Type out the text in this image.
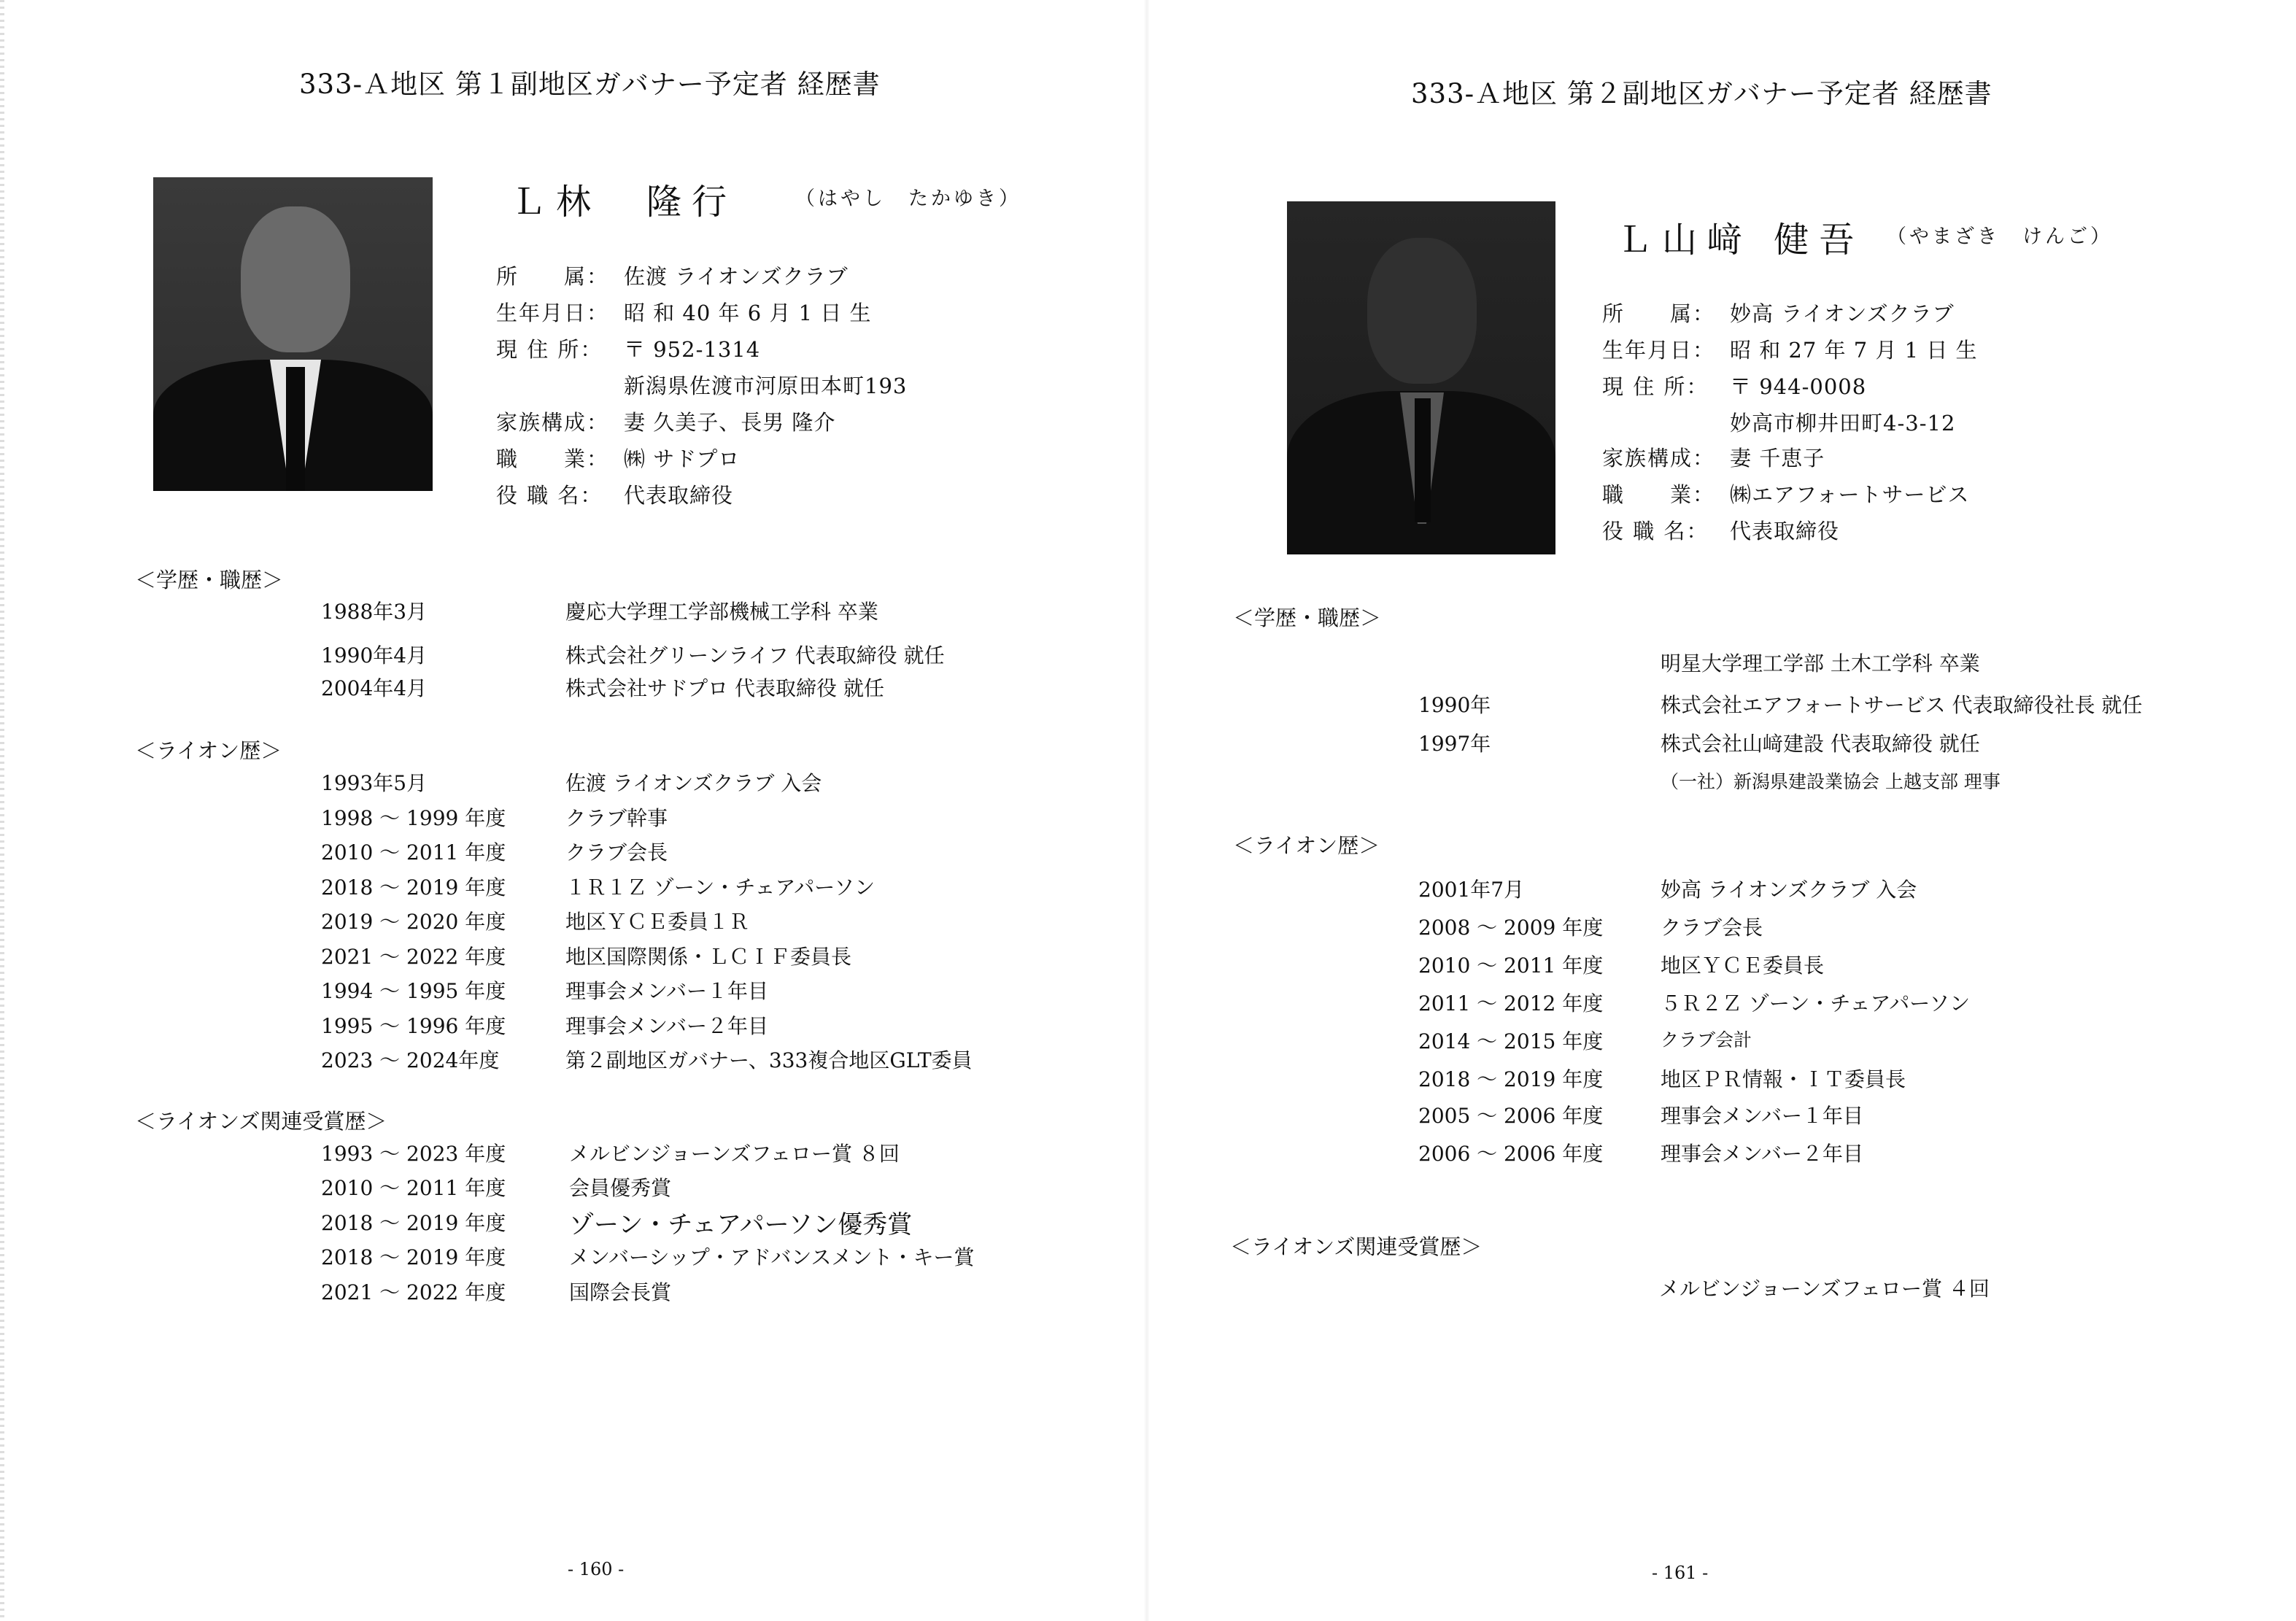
333-Ａ地区 第１副地区ガバナー予定者 経歴書
Ｌ林　隆行	（はやし　たかゆき）
所　　属： 佐渡 ライオンズクラブ
生年月日： 昭 和 40 年 6 月 1 日 生
現 住 所： 〒 952-1314
新潟県佐渡市河原田本町193
家族構成： 妻 久美子、長男 隆介
職　　業： ㈱ サドプロ
役 職 名： 代表取締役
＜学歴・職歴＞
1988年3月	慶応大学理工学部機械工学科 卒業
1990年4月	株式会社グリーンライフ 代表取締役 就任
2004年4月	株式会社サドプロ 代表取締役 就任
＜ライオン歴＞
1993年5月	佐渡 ライオンズクラブ 入会
1998 ～ 1999 年度	クラブ幹事
2010 ～ 2011 年度	クラブ会長
2018 ～ 2019 年度	１Ｒ１Ｚ ゾーン・チェアパーソン
2019 ～ 2020 年度	地区ＹＣＥ委員１Ｒ
2021 ～ 2022 年度	地区国際関係・ＬＣＩＦ委員長
1994 ～ 1995 年度	理事会メンバー１年目
1995 ～ 1996 年度	理事会メンバー２年目
2023 ～ 2024年度	第２副地区ガバナー、333複合地区GLT委員
＜ライオンズ関連受賞歴＞
1993 ～ 2023 年度	メルビンジョーンズフェロー賞 ８回
2010 ～ 2011 年度	会員優秀賞
2018 ～ 2019 年度	ゾーン・チェアパーソン優秀賞
2018 ～ 2019 年度	メンバーシップ・アドバンスメント・キー賞
2021 ～ 2022 年度	国際会長賞
- 160 -
333-Ａ地区 第２副地区ガバナー予定者 経歴書
Ｌ山﨑 健吾 （やまざき　けんご）
所　　属： 妙高 ライオンズクラブ
生年月日： 昭 和 27 年 7 月 1 日 生
現 住 所： 〒 944-0008
妙高市柳井田町4-3-12
家族構成： 妻 千恵子
職　　業： ㈱エアフォートサービス
役 職 名： 代表取締役
＜学歴・職歴＞
明星大学理工学部 土木工学科 卒業
1990年	株式会社エアフォートサービス 代表取締役社長 就任
1997年	株式会社山﨑建設 代表取締役 就任
（一社）新潟県建設業協会 上越支部 理事
＜ライオン歴＞
2001年7月	妙高 ライオンズクラブ 入会
2008 ～ 2009 年度	クラブ会長
2010 ～ 2011 年度	地区ＹＣＥ委員長
2011 ～ 2012 年度	５Ｒ２Ｚ ゾーン・チェアパーソン
2014 ～ 2015 年度	クラブ会計
2018 ～ 2019 年度	地区ＰＲ情報・ＩＴ委員長
2005 ～ 2006 年度	理事会メンバー１年目
2006 ～ 2006 年度	理事会メンバー２年目
＜ライオンズ関連受賞歴＞
メルビンジョーンズフェロー賞 ４回
- 161 -
